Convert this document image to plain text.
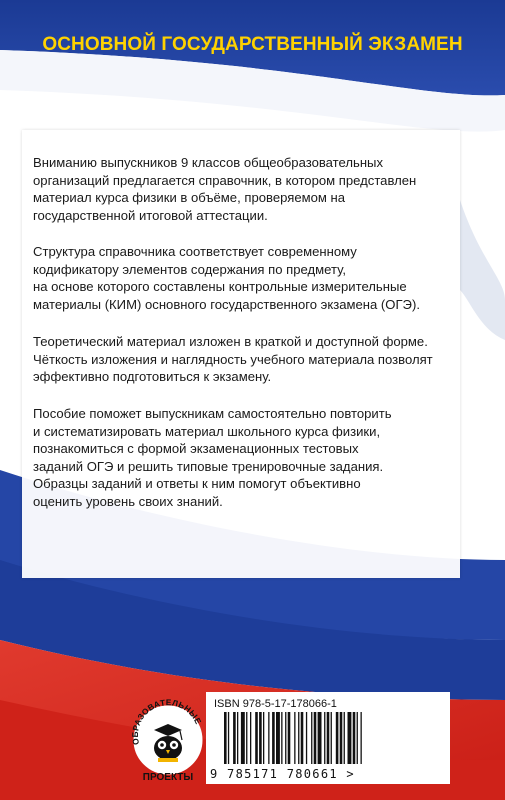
ОСНОВНОЙ ГОСУДАРСТВЕННЫЙ ЭКЗАМЕН

Вниманию выпускников 9 классов общеобразовательных
организаций предлагается справочник, в котором представлен
материал курса физики в объёме, проверяемом на
государственной итоговой аттестации.

Структура справочника соответствует современному
кодификатору элементов содержания по предмету,
на основе которого составлены контрольные измерительные
материалы (КИМ) основного государственного экзамена (ОГЭ).

Теоретический материал изложен в краткой и доступной форме.
Чёткость изложения и наглядность учебного материала позволят
эффективно подготовиться к экзамену.

Пособие поможет выпускникам самостоятельно повторить
и систематизировать материал школьного курса физики,
познакомиться с формой экзаменационных тестовых
заданий ОГЭ и решить типовые тренировочные задания.
Образцы заданий и ответы к ним помогут объективно
оценить уровень своих знаний.

ОБРАЗОВАТЕЛЬНЫЕ
ПРОЕКТЫ
ISBN 978-5-17-178066-1
9 785171 780661 >
